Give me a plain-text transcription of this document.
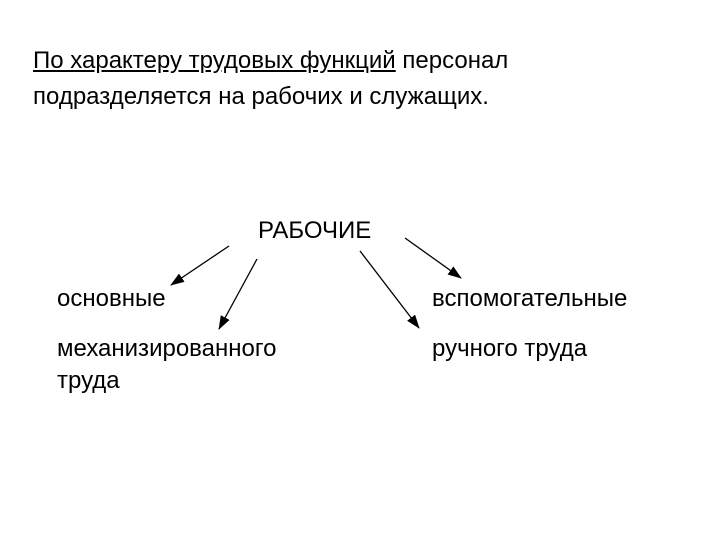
По характеру трудовых функций персонал подразделяется на рабочих и служащих.
РАБОЧИЕ
основные	вспомогательные
механизированного
труда
ручного труда
